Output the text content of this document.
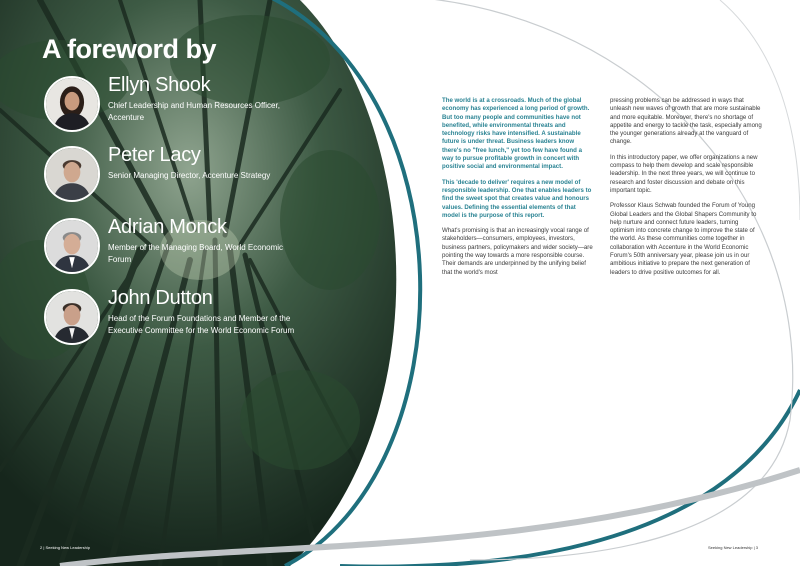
A foreword by
Ellyn Shook
Chief Leadership and Human Resources Officer, Accenture
Peter Lacy
Senior Managing Director, Accenture Strategy
Adrian Monck
Member of the Managing Board, World Economic Forum
John Dutton
Head of the Forum Foundations and Member of the Executive Committee for the World Economic Forum

The world is at a crossroads. Much of the global economy has experienced a long period of growth. But too many people and communities have not benefited, while environmental threats and technology risks have intensified. A sustainable future is under threat. Business leaders know there's no "free lunch," yet too few have found a way to pursue profitable growth in concert with positive social and environmental impact.

This 'decade to deliver' requires a new model of responsible leadership. One that enables leaders to find the sweet spot that creates value and honours values. Defining the essential elements of that model is the purpose of this report.

What's promising is that an increasingly vocal range of stakeholders—consumers, employees, investors, business partners, policymakers and wider society—are pointing the way towards a more responsible course. Their demands are underpinned by the unifying belief that the world's most

pressing problems can be addressed in ways that unleash new waves of growth that are more sustainable and more equitable. Moreover, there's no shortage of appetite and energy to tackle the task, especially among the younger generations already at the vanguard of change.

In this introductory paper, we offer organizations a new compass to help them develop and scale responsible leadership. In the next three years, we will continue to research and foster discussion and debate on this important topic.

Professor Klaus Schwab founded the Forum of Young Global Leaders and the Global Shapers Community to help nurture and connect future leaders, turning optimism into concrete change to improve the state of the world. As these communities come together in collaboration with Accenture in the World Economic Forum's 50th anniversary year, please join us in our ambitious initiative to prepare the next generation of leaders to drive positive outcomes for all.

2 | Seeking New Leadership	Seeking New Leadership | 3
